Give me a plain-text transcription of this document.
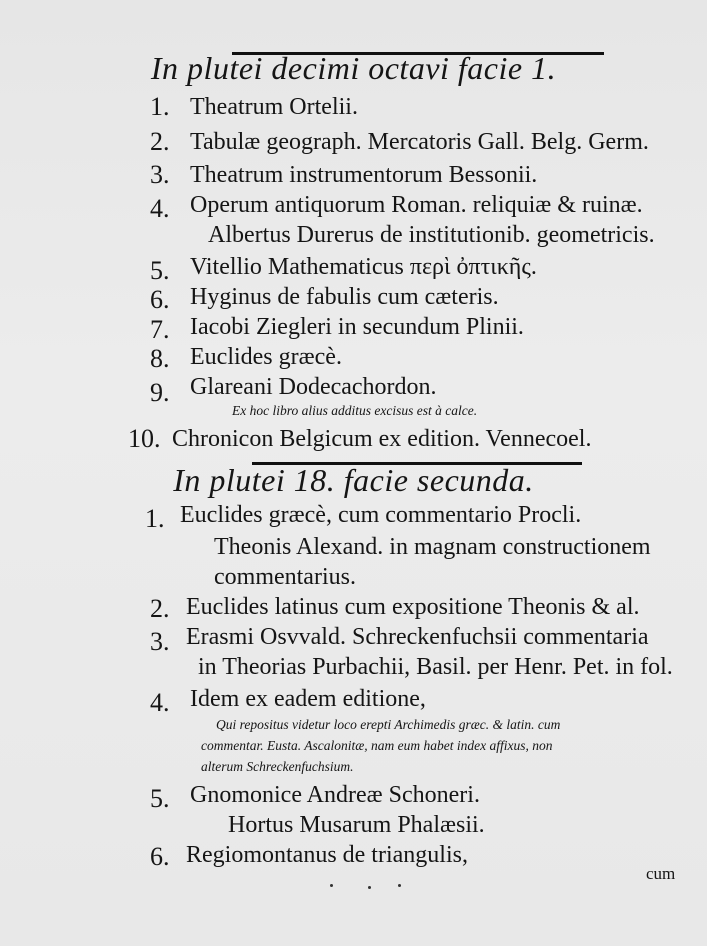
In plutei decimi octavi facie 1.
1. Theatrum Ortelii.
2. Tabulæ geograph. Mercatoris Gall. Belg. Germ.
3. Theatrum instrumentorum Bessonii.
4. Operum antiquorum Roman. reliquiæ & ruinæ.
Albertus Durerus de institutionib. geometricis.
5. Vitellio Mathematicus περὶ ὀπτικῆς.
6. Hyginus de fabulis cum cæteris.
7. Iacobi Ziegleri in secundum Plinii.
8. Euclides græcè.
9. Glareani Dodecachordon.
Ex hoc libro alius additus excisus est à calce.
10. Chronicon Belgicum ex edition. Vennecoel.
In plutei 18. facie secunda.
1. Euclides græcè, cum commentario Procli.
Theonis Alexand. in magnam constructionem
commentarius.
2. Euclides latinus cum expositione Theonis & al.
3. Erasmi Osvvald. Schreckenfuchsii commentaria
in Theorias Purbachii, Basil. per Henr. Pet. in fol.
4. Idem ex eadem editione,
Qui repositus videtur loco erepti Archimedis græc. & latin. cum
commentar. Eusta. Ascalonitæ, nam eum habet index affixus, non
alterum Schreckenfuchsium.
5. Gnomonice Andreæ Schoneri.
Hortus Musarum Phalæsii.
6. Regiomontanus de triangulis,
cum
